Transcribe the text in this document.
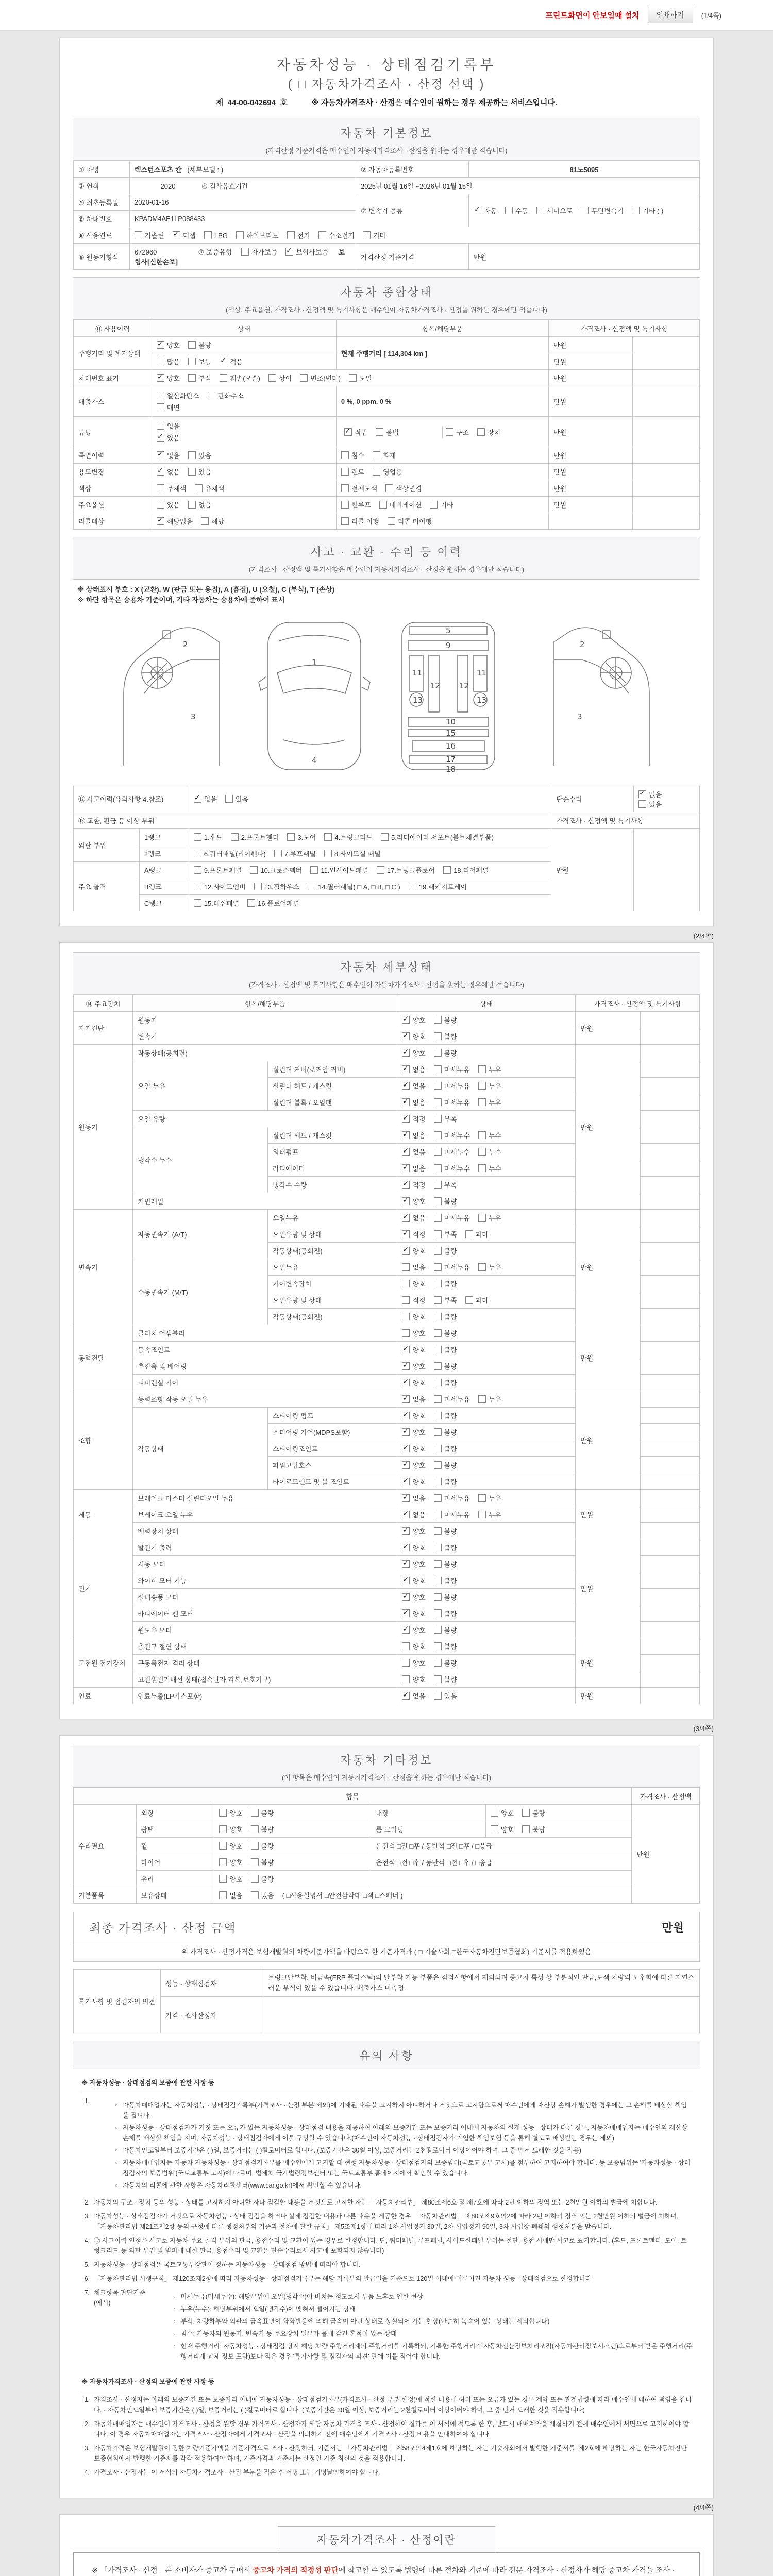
프린트화면이 안보일때 설치	인쇄하기	(1/4쪽)
자동차성능 · 상태점검기록부
( □ 자동차가격조사 · 산정 선택 )
제 44-00-042694 호	※ 자동차가격조사 · 산정은 매수인이 원하는 경우 제공하는 서비스입니다.
자동차 기본정보
(가격산정 기준가격은 매수인이 자동차가격조사 · 산정을 원하는 경우에만 적습니다)
① 차명	렉스턴스포츠 칸 (세부모델 : )	② 자동차등록번호	81노5095
③ 연식	2020 ④ 검사유효기간	2025년 01월 16일 ~2026년 01월 15일	
⑤ 최초등록일	2020-01-16	⑦ 변속기 종류	✓자동 수동 세미오토 무단변속기 기타 ( )
⑥ 차대번호	KPADM4AE1LP088433		
⑧ 사용연료	가솔린 ✓ 디젤 LPG 하이브리드 전기 수소전기 기타
⑨ 원동기형식	672960 ⑩ 보증유형 자가보증 ✓ 보험사보증 보험사[신한손보]	가격산정 기준가격	만원
자동차 종합상태
(색상, 주요옵션, 가격조사 · 산정액 및 특기사항은 매수인이 자동차가격조사 · 산정을 원하는 경우에만 적습니다)
⑪ 사용이력	상태	항목/해당부품	가격조사 · 산정액 및 특기사항	
주행거리 및 계기상태	✓양호 불량	현재 주행거리 [ 114,304 km ]	만원	
	많음 보통 ✓ 적음		만원	
차대번호 표기	✓양호 부식 훼손(오손) 상이 변조(변타) 도말		만원	
배출가스	일산화탄소 탄화수소
매연	0 %, 0 ppm, 0 %	만원	
튜닝	
없음
✓있음

✓적법	불법	구조	장치	만원	
특별이력	✓없음 있음	침수 화재	만원	
용도변경	✓없음 있음	렌트 영업용	만원	
색상	무채색 유채색	전체도색 색상변경	만원	
주요옵션	있음 없음	썬루프 네비게이션 기타	만원	
리콜대상	✓해당없음 해당	리콜 이행 리콜 미이행		
사고 · 교환 · 수리 등 이력
(가격조사 · 산정액 및 특기사항은 매수인이 자동차가격조사 · 산정을 원하는 경우에만 적습니다)
※ 상태표시 부호 : X (교환), W (판금 또는 용접), A (흠집), U (요철), C (부식), T (손상)
※ 하단 항목은 승용차 기준이며, 기타 자동차는 승용차에 준하여 표시
2
3
1
4
5
9
11	11
12 12
13	13
10
15
16
17
18
2
3
⑫ 사고이력(유의사항 4.참조)	✓없음 있음	단순수리	✓없음있음
⑬ 교환, 판금 등 이상 부위			가격조사 · 산정액 및 특기사항	
외판 부위	1랭크	1.후드 2.프론트휀더 3.도어 4.트렁크리드 5.라디에이터 서포트(볼트체결부품)	만원	
	2랭크	6.쿼터패널(리어휀다) 7.루프패널 8.사이드실 패널		
주요 골격	A랭크	9.프론트패널 10.크로스멤버 11.인사이드패널 17.트렁크플로어 18.리어패널		
	B랭크	12.사이드멤버 13.휠하우스 14.필러패널( □ A, □ B, □ C ) 19.패키지트레이		
	C랭크	15.대쉬패널 16.플로어패널		
(2/4쪽)
자동차 세부상태
(가격조사 · 산정액 및 특기사항은 매수인이 자동차가격조사 · 산정을 원하는 경우에만 적습니다)
⑭ 주요장치	항목/해당부품		상태	가격조사 · 산정액 및 특기사항	
자기진단	원동기	✓양호 불량	만원	
	변속기	✓양호 불량	
원동기	작동상태(공회전)	✓양호 불량	만원	
	오일 누유	실린더 커버(로커암 커버)	✓없음 미세누유 누유	
		실린더 헤드 / 개스킷	✓없음 미세누유 누유	
		실린더 블록 / 오일팬	✓없음 미세누유 누유	
	오일 유량	✓적정 부족	
	냉각수 누수	실린더 헤드 / 개스킷	✓없음 미세누수 누수	
		워터펌프	✓없음 미세누수 누수	
		라디에이터	✓없음 미세누수 누수	
		냉각수 수량	✓적정 부족	
	커먼레일	✓양호 불량	
변속기	자동변속기 (A/T)	오일누유	✓없음 미세누유 누유	만원	
		오일유량 및 상태	✓적정 부족 과다	
		작동상태(공회전)	✓양호 불량	
	수동변속기 (M/T)	오일누유	없음 미세누유 누유		
		기어변속장치	양호 불량		
		오일유량 및 상태	적정 부족 과다		
		작동상태(공회전)	양호 불량		
동력전달	클러치 어셈블리		양호 불량	만원	
	등속조인트	✓양호 불량	
	추진축 및 베어링	✓양호 불량	
	디퍼렌셜 기어	✓양호 불량	
조향	동력조향 작동 오일 누유	✓없음 미세누유 누유	만원	
	작동상태	스티어링 펌프	✓양호 불량	
		스티어링 기어(MDPS포함)	✓양호 불량	
		스티어링조인트	✓양호 불량	
		파워고압호스	✓양호 불량	
		타이로드엔드 및 볼 조인트	✓양호 불량	
제동	브레이크 마스터 실린더오일 누유	✓없음 미세누유 누유	만원	
	브레이크 오일 누유	✓없음 미세누유 누유	
	배력장치 상태	✓양호 불량	
전기	발전기 출력	✓양호 불량	만원	
	시동 모터	✓양호 불량	
	와이퍼 모터 기능	✓양호 불량	
	실내송풍 모터	✓양호 불량	
	라디에이터 팬 모터	✓양호 불량	
	윈도우 모터	✓양호 불량	
고전원 전기장치	충전구 절연 상태		양호 불량	만원	
	구동축전지 격리 상태		양호 불량		
	고전원전기배선 상태(접속단자,피복,보호기구)		양호 불량		
연료	연료누출(LP가스포함)	✓없음 있음	만원	
(3/4쪽)
자동차 기타정보
(이 항목은 매수인이 자동차가격조사 · 산정을 원하는 경우에만 적습니다)
항목					가격조사 · 산정액
수리필요	외장	양호 불량	내장	양호 불량	만원
	광택	양호 불량	룸 크리닝	양호 불량	
	휠	양호 불량	운전석 □전 □후 / 동반석 □전 □후 / □응급		
	타이어	양호 불량	운전석 □전 □후 / 동반석 □전 □후 / □응급		
	유리	양호 불량			
기본품목	보유상태	없음 있음 ( □사용설명서 □안전삼각대 □잭 □스패너 )			
최종 가격조사 · 산정 금액	만원
위 가격조사 · 산정가격은 보험개발원의 차량기준가액을 바탕으로 한 기준가격과 ( □ 기술사회,□한국자동차진단보증협회) 기준서를 적용하였음
특기사항 및 점검자의 의견	성능 · 상태점검자	트렁크탈부착. 비금속(FRP 플라스틱)의 탈부착 가능 부품은 점검사항에서 제외되며 중고차 특성 상 부분적인 판금,도색 차량의 노후화에 따른 자연스러운 부식이 있을 수 있습니다. 배출가스 미측정.
	가격 · 조사산정자	
유의 사항
※ 자동차성능 · 상태점검의 보증에 관한 사항 등
1.
▫ 자동차매매업자는 자동차성능 · 상태점검기록부(가격조사 · 산정 부분 제외)에 기재된 내용을 고지하지 아니하거나 거짓으로 고지함으로써 매수인에게 재산상 손해가 발생한 경우에는 그 손해를 배상할 책임을 집니다.
▫ 자동차성능 · 상태점검자가 거짓 또는 오류가 있는 자동차성능 · 상태점검 내용을 제공하여 아래의 보증기간 또는 보증거리 이내에 자동차의 실제 성능 · 상태가 다른 경우, 자동차매매업자는 매수인의 재산상 손해를 배상할 책임을 지며, 자동차성능 · 상태점검자에게 이를 구상할 수 있습니다.(매수인이 자동차성능 · 상태점검자가 가입한 책임보험 등을 통해 별도로 배상받는 경우는 제외)
▫ 자동차인도일부터 보증기간은 ( )일, 보증거리는 ( )킬로미터로 합니다. (보증기간은 30일 이상, 보증거리는 2천킬로미터 이상이어야 하며, 그 중 먼저 도래한 것을 적용)
▫ 자동차매매업자는 자동차 자동차성능 · 상태점검기록부를 매수인에게 고지할 때 현행 자동차성능 · 상태점검자의 보증범위(국토교통부 고시)를 첨부하여 고지하여야 합니다. 동 보증범위는 '자동차성능 · 상태점검자의 보증범위'(국토교통부 고시)에 따르며, 법제처 국가법령정보센터 또는 국토교통부 홈페이지에서 확인할 수 있습니다.
▫ 자동차의 리콜에 관한 사항은 자동차리콜센터(www.car.go.kr)에서 확인할 수 있습니다.
2. 자동차의 구조 · 장치 등의 성능 · 상태를 고지하지 아니한 자나 점검한 내용을 거짓으로 고지한 자는 「자동차관리법」 제80조제6호 및 제7호에 따라 2년 이하의 징역 또는 2천만원 이하의 벌금에 처합니다.
3. 자동차성능 · 상태점검자가 거짓으로 자동차성능 · 상태 점검을 하거나 실제 점검한 내용과 다른 내용을 제공한 경우 「자동차관리법」 제80조제9호의2에 따라 2년 이하의 징역 또는 2천만원 이하의 벌금에 처하며, 「자동차관리법 제21조제2항 등의 규정에 따른 행정처분의 기준과 절차에 관한 규칙」 제5조제1항에 따라 1차 사업정지 30일, 2차 사업정지 90일, 3차 사업장 폐쇄의 행정처분을 받습니다.
4. ⑫ 사고이력 인정은 사고로 자동차 주요 골격 부위의 판금, 용접수리 및 교환이 있는 경우로 한정합니다. 단, 쿼터패널, 루프패널, 사이드실패널 부위는 절단, 용접 시에만 사고로 표기합니다. (후드, 프론트펜더, 도어, 트렁크리드 등 외판 부위 및 범퍼에 대한 판금, 용접수리 및 교환은 단순수리로서 사고에 포함되지 않습니다)
5. 자동차성능 · 상태점검은 국토교통부장관이 정하는 자동차성능 · 상태점검 방법에 따라야 합니다.
6. 「자동차관리법 시행규칙」 제120조제2항에 따라 자동차성능 · 상태점검기록부는 해당 기록부의 발급일을 기준으로 120일 이내에 이루어진 자동차 성능 · 상태점검으로 한정합니다
7. 체크항목 판단기준(예시)
▫ 미세누유(미세누수): 해당부위에 오일(냉각수)이 비치는 정도로서 부품 노후로 인한 현상
▫ 누유(누수): 해당부위에서 오일(냉각수)이 맺혀서 떨어지는 상태
▫ 부식: 차량하부와 외판의 금속표면이 화학반응에 의해 금속이 아닌 상태로 상실되어 가는 현상(단순히 녹슬어 있는 상태는 제외합니다)
▫ 침수: 자동차의 원동기, 변속기 등 주요장치 일부가 물에 잠긴 흔적이 있는 상태
▫ 현재 주행거리: 자동차성능 · 상태점검 당시 해당 차량 주행거리계의 주행거리를 기록하되, 기록한 주행거리가 자동차전산정보처리조직(자동차관리정보시스템)으로부터 받은 주행거리(주행거리계 교체 정보 포함)보다 적은 경우 '특기사항 및 점검자의 의견' 란에 이를 적어야 합니다.
※ 자동차가격조사 · 산정의 보증에 관한 사항 등
1. 가격조사 · 산정자는 아래의 보증기간 또는 보증거리 이내에 자동차성능 · 상태점검기록부(가격조사 · 산정 부분 한정)에 적힌 내용에 허위 또는 오류가 있는 경우 계약 또는 관계법령에 따라 매수인에 대하여 책임을 집니다. · 자동차인도일부터 보증기간은 ( )일, 보증거리는 ( )킬로미터로 합니다. (보증기간은 30일 이상, 보증거리는 2천킬로미터 이상이어야 하며, 그 중 먼저 도래한 것을 적용합니다)
2. 자동차매매업자는 매수인이 가격조사 · 산정을 원할 경우 가격조사 · 산정자가 해당 자동차 가격을 조사 · 산정하여 결과를 이 서식에 적도록 한 후, 반드시 매매계약을 체결하기 전에 매수인에게 서면으로 고지하여야 합니다. 이 경우 자동차매매업자는 가격조사 · 산정자에게 가격조사 · 산정을 의뢰하기 전에 매수인에게 가격조사 · 산정 비용을 안내하여야 합니다.
3. 자동차가격은 보험개발원이 정한 차량기준가액을 기준가격으로 조사 · 산정하되, 기준서는 「자동차관리법」 제58조의4제1호에 해당하는 자는 기술사회에서 발행한 기준서를, 제2호에 해당하는 자는 한국자동차진단보증협회에서 발행한 기준서를 각각 적용하여야 하며, 기준가격과 기준서는 산정일 기준 최신의 것을 적용합니다.
4. 가격조사 · 산정자는 이 서식의 자동차가격조사 · 산정 부분을 적은 후 서명 또는 기명날인하여야 합니다.
(4/4쪽)
자동차가격조사 · 산정이란
※ 「가격조사 · 산정」은 소비자가 중고차 구매시 중고차 가격의 적정성 판단에 참고할 수 있도록 법령에 따른 절차와 기준에 따라 전문 가격조사 · 산정자가 해당 중고차 가격을 조사 ·
